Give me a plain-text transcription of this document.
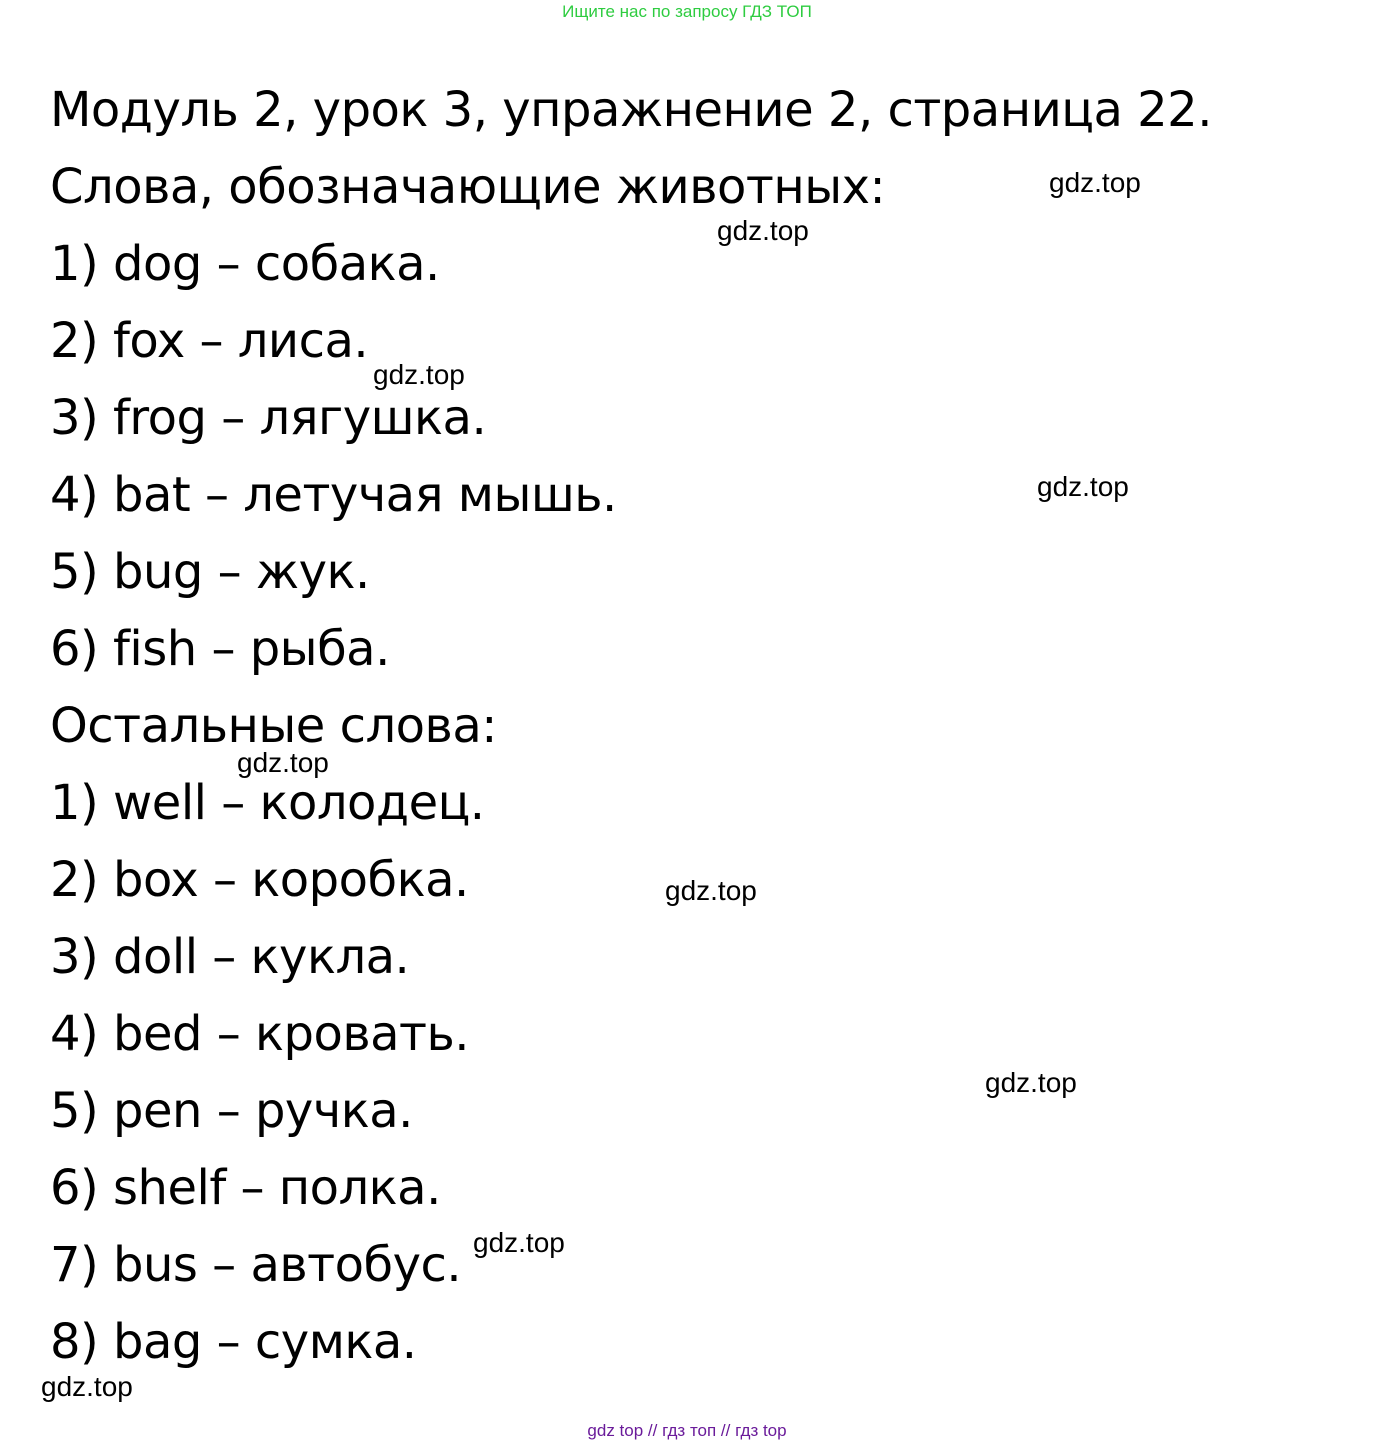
Ищите нас по запросу ГДЗ ТОП

Модуль 2, урок 3, упражнение 2, страница 22.

Слова, обозначающие животных:

1) dog – собака.

2) fox – лиса.

3) frog – лягушка.

4) bat – летучая мышь.

5) bug – жук.

6) fish – рыба.

Остальные слова:

1) well – колодец.

2) box – коробка.

3) doll – кукла.

4) bed – кровать.

5) pen – ручка.

6) shelf – полка.

7) bus – автобус.

8) bag – сумка.

gdz.top
gdz.top
gdz.top
gdz.top
gdz.top
gdz.top
gdz.top
gdz.top
gdz.top
gdz top // гдз топ // гдз top
